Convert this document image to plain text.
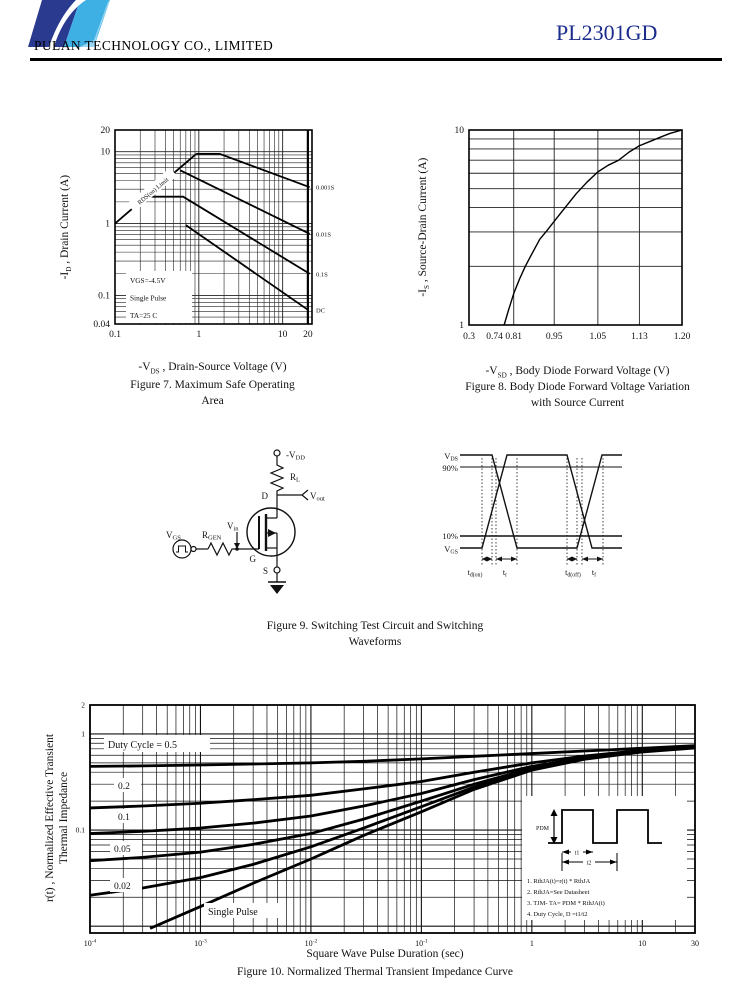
PULAN TECHNOLOGY CO., LIMITED
PL2301GD
$-I_D$ , Drain Current (A)
0.1	1	10 20
20
10
1
0.1
0.04
0.001S
0.01S
0.1S
DC
VGS=-4.5V
Single Pulse
TA=25 C
RDS(on) Limit
$-V_{DS}$ , Drain-Source Voltage (V)
Figure 7. Maximum Safe Operating
Area
$-I_S$ , Source-Drain Current (A)
0.3 0.74 0.81	0.95	1.05	1.13	1.20
10
1
$-V_{SD}$ , Body Diode Forward Voltage (V)
Figure 8. Body Diode Forward Voltage Variation
with Source Current
-VDD
RL
D	Vout
Vin
VGS RGEN
G
S
VDS
90%
10%
VGS
td(on)	tr	td(off) tf
Figure 9. Switching Test Circuit and Switching
Waveforms
r(t) , Normalized Effective Transient Thermal Impedance
$10^{-4}$	$10^{-3}$	$10^{-2}$	$10^{-1}$	1	10	30
2
1
0.1
Duty Cycle = 0.5
0.2
0.1
0.05
0.02
Single Pulse
PDM
t1
t2
1. RthJA(t)=r(t) * RthJA
2. RthJA=See Datasheet
3. TJM- TA= PDM * RthJA(t)
4. Duty Cycle, D =t1/t2
Square Wave Pulse Duration (sec)
Figure 10. Normalized Thermal Transient Impedance Curve
